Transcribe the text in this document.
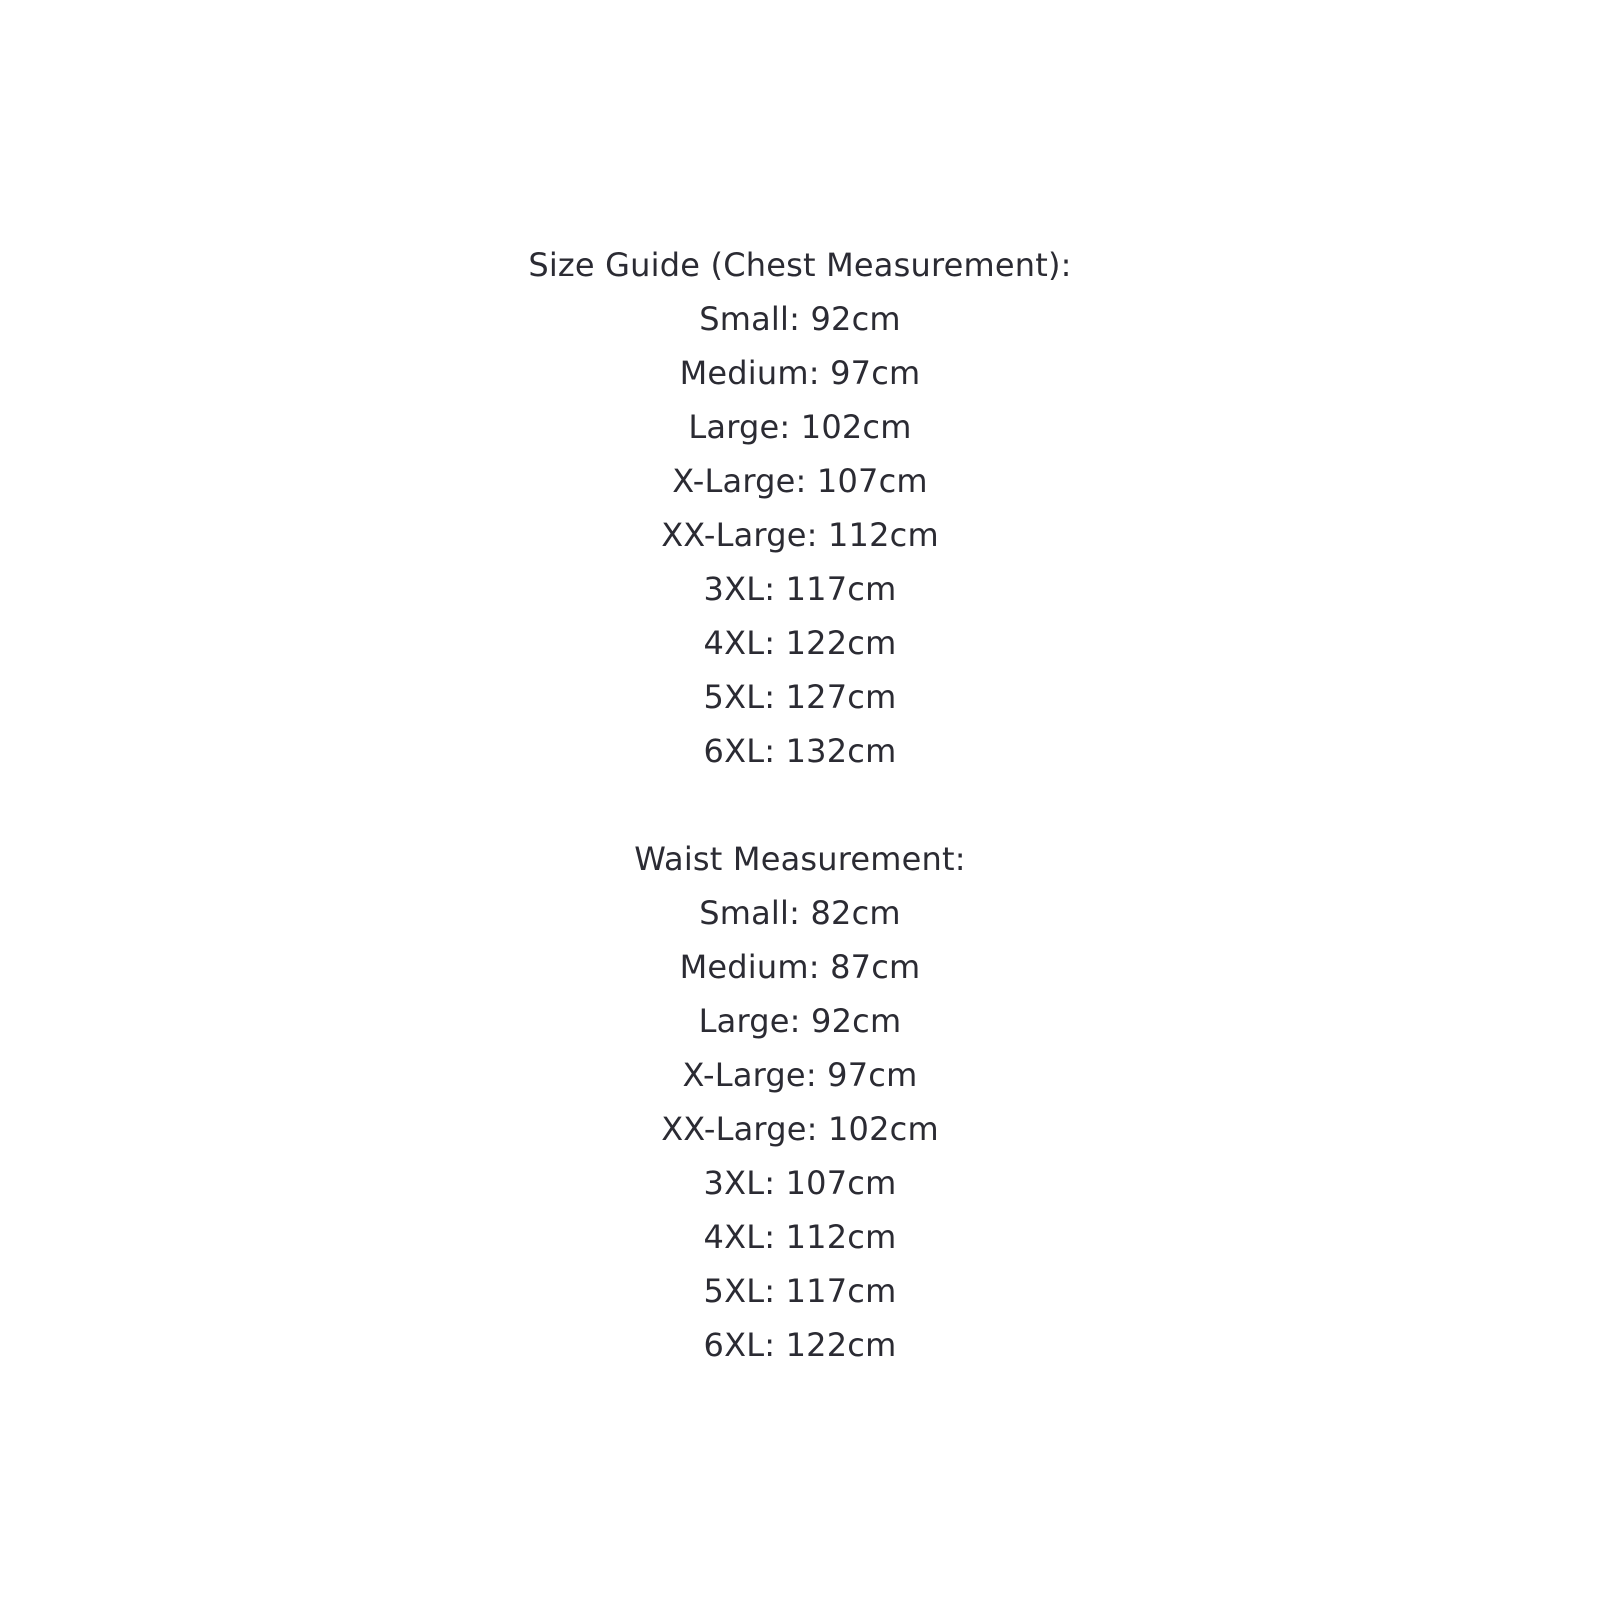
Size Guide (Chest Measurement):
Small: 92cm
Medium: 97cm
Large: 102cm
X-Large: 107cm
XX-Large: 112cm
3XL: 117cm
4XL: 122cm
5XL: 127cm
6XL: 132cm
Waist Measurement:
Small: 82cm
Medium: 87cm
Large: 92cm
X-Large: 97cm
XX-Large: 102cm
3XL: 107cm
4XL: 112cm
5XL: 117cm
6XL: 122cm
